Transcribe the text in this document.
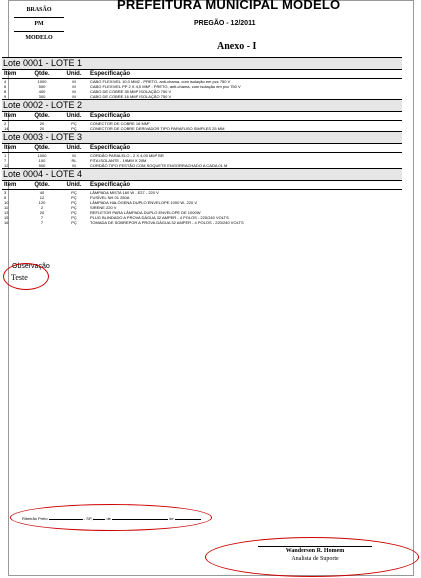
BRASÃO
PM
MODELO
PREFEITURA MUNICIPAL MODELO
PREGÃO - 12/2011
Anexo - I
Lote 0001 - LOTE 1
Item	Qtde.	Unid.	Especificação
4	1000	M	CABO FLEXIVEL 10,0 MM2 - PRETO, anti-chama, com isolação em pvc 750 V
6	500	M	CABO FLEXIVEL PP 2 X 4,0 MM² - PRETO, anti-chama, com isolação em pvc 750 V
8	400	M	CABO DE COBRE 35 MM² ISOLAÇÃO 750 V
9	300	M	CABO DE COBRE 16 MM² ISOLAÇÃO 750 V
Lote 0002 - LOTE 2
Item	Qtde.	Unid.	Especificação
2	20	PÇ	CONECTOR DE COBRE 16 MM²
14	20	PÇ	CONECTOR DE COBRE DERIVADOR TIPO PARAFUSO SIMPLES 25 MM
Lote 0003 - LOTE 3
Item	Qtde.	Unid.	Especificação
1	1000	M	CORDÃO PARALELO - 2 X 4,00 MM² BR
7	100	RL	FITA ISOLANTE - 19MM X 20M
12	500	M	CORDÃO TIPO FESTÃO COM SOQUETE ENGORRACHADO A CADA 01 M
Lote 0004 - LOTE 4
Item	Qtde.	Unid.	Especificação
3	40	PÇ	LÂMPADA MISTA 160 W - E27 - 220 V
5	12	PÇ	FUSÍVEL NH 01 250A
10	120	PÇ	LÂMPADA HALÓGENA DUPLO ENVELOPE 1000 W- 220 V
11	2	PÇ	SIRENE 220 V
13	20	PÇ	REFLETOR PARA LÂMPADA DUPLO ENVELOPE DE 1000W
15	7	PÇ	PLUG BLINDADO A PROVA DÁGUA 32 AMPER - 4 POLOS - 220/240 VOLTS
16	7	PÇ	TOMADA DE SOBREPOR A PROVA DÁGUA 32 AMPER - 4 POLOS - 220/240 VOLTS
Observação
Teste
Ribeirão Preto	- SP,	de	de
Wanderson R. Homem
Analista de Suporte
